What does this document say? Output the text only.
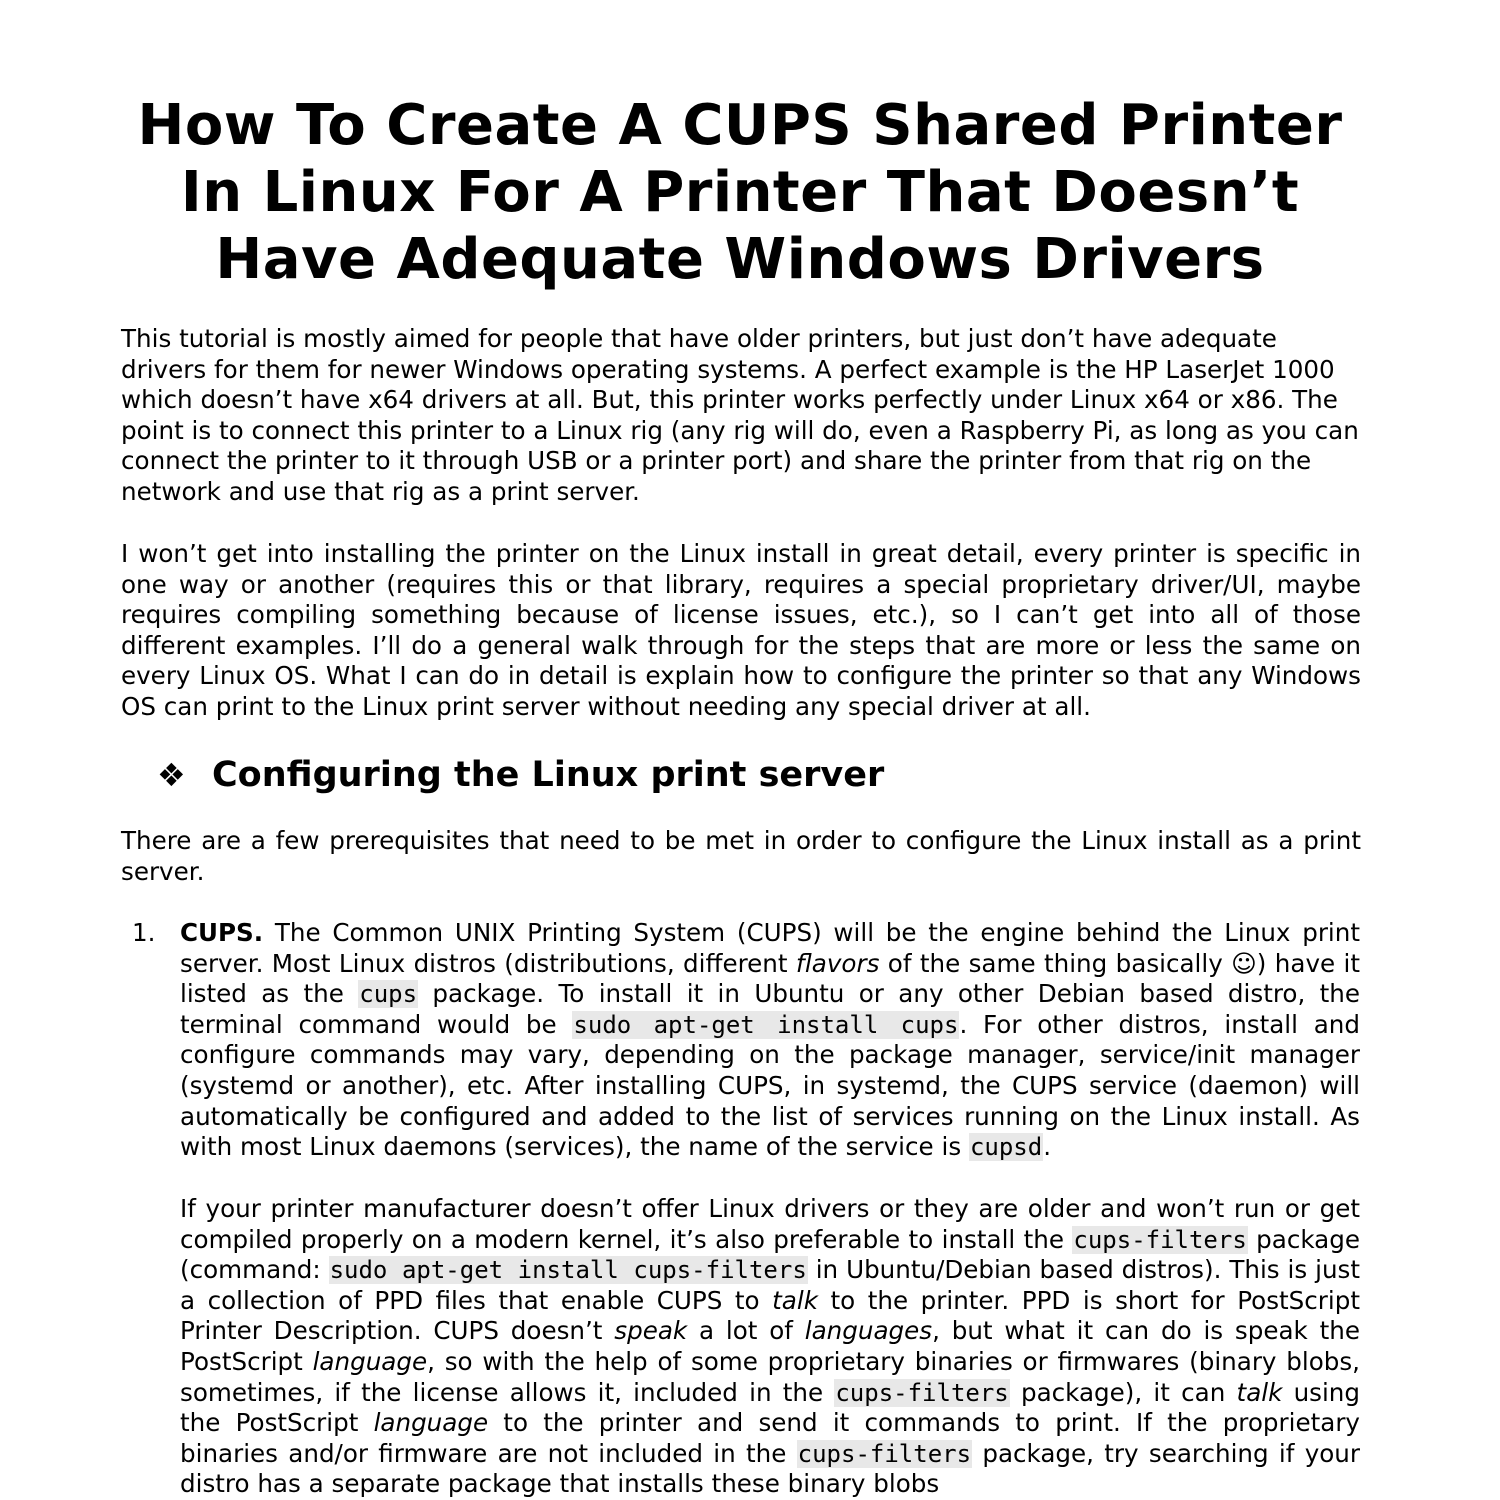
How To Create A CUPS Shared Printer In Linux For A Printer That Doesn’t Have Adequate Windows Drivers

This tutorial is mostly aimed for people that have older printers, but just don’t have adequate drivers for them for newer Windows operating systems. A perfect example is the HP LaserJet 1000 which doesn’t have x64 drivers at all. But, this printer works perfectly under Linux x64 or x86. The point is to connect this printer to a Linux rig (any rig will do, even a Raspberry Pi, as long as you can connect the printer to it through USB or a printer port) and share the printer from that rig on the network and use that rig as a print server.

I won’t get into installing the printer on the Linux install in great detail, every printer is specific in one way or another (requires this or that library, requires a special proprietary driver/UI, maybe requires compiling something because of license issues, etc.), so I can’t get into all of those different examples. I’ll do a general walk through for the steps that are more or less the same on every Linux OS. What I can do in detail is explain how to configure the printer so that any Windows OS can print to the Linux print server without needing any special driver at all.

❖ Configuring the Linux print server

There are a few prerequisites that need to be met in order to configure the Linux install as a print server.

1. CUPS. The Common UNIX Printing System (CUPS) will be the engine behind the Linux print server. Most Linux distros (distributions, different flavors of the same thing basically ☺) have it listed as the cups package. To install it in Ubuntu or any other Debian based distro, the terminal command would be sudo apt-get install cups. For other distros, install and configure commands may vary, depending on the package manager, service/init manager (systemd or another), etc. After installing CUPS, in systemd, the CUPS service (daemon) will automatically be configured and added to the list of services running on the Linux install. As with most Linux daemons (services), the name of the service is cupsd.

If your printer manufacturer doesn’t offer Linux drivers or they are older and won’t run or get compiled properly on a modern kernel, it’s also preferable to install the cups-filters package (command: sudo apt-get install cups-filters in Ubuntu/Debian based distros). This is just a collection of PPD files that enable CUPS to talk to the printer. PPD is short for PostScript Printer Description. CUPS doesn’t speak a lot of languages, but what it can do is speak the PostScript language, so with the help of some proprietary binaries or firmwares (binary blobs, sometimes, if the license allows it, included in the cups-filters package), it can talk using the PostScript language to the printer and send it commands to print. If the proprietary binaries and/or firmware are not included in the cups-filters package, try searching if your distro has a separate package that installs these binary blobs
